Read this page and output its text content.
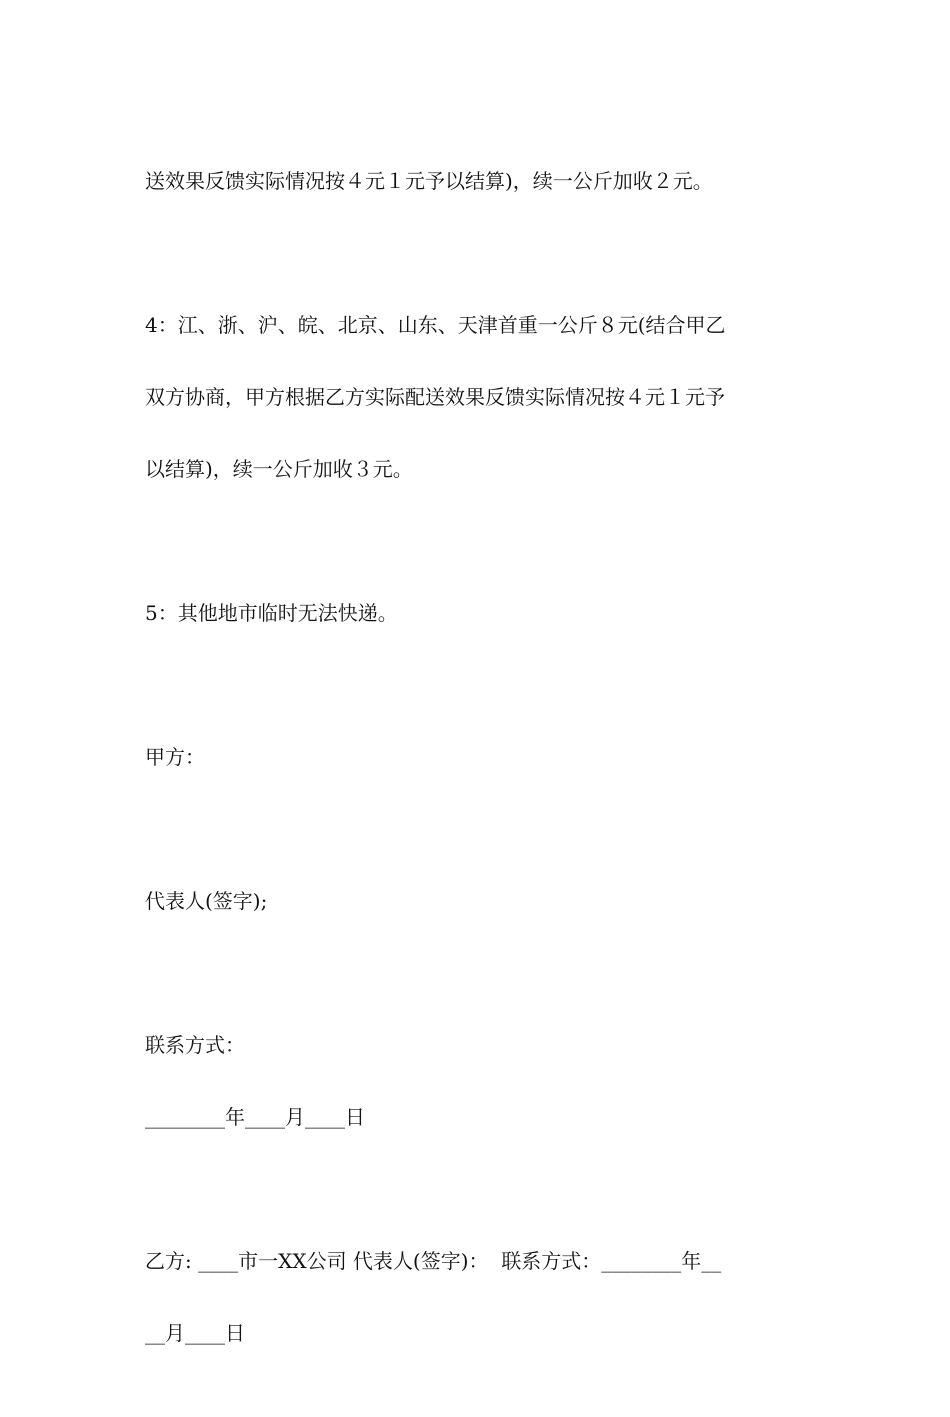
送效果反馈实际情况按４元１元予以结算)，续一公斤加收２元。

4：江、浙、沪、皖、北京、山东、天津首重一公斤８元(结合甲乙

双方协商，甲方根据乙方实际配送效果反馈实际情况按４元１元予

以结算)，续一公斤加收３元。

5：其他地市临时无法快递。

甲方：

代表人(签字);

联系方式：

________年____月____日

乙方: ____市一XX公司 代表人(签字)：  联系方式：________年__

__月____日
